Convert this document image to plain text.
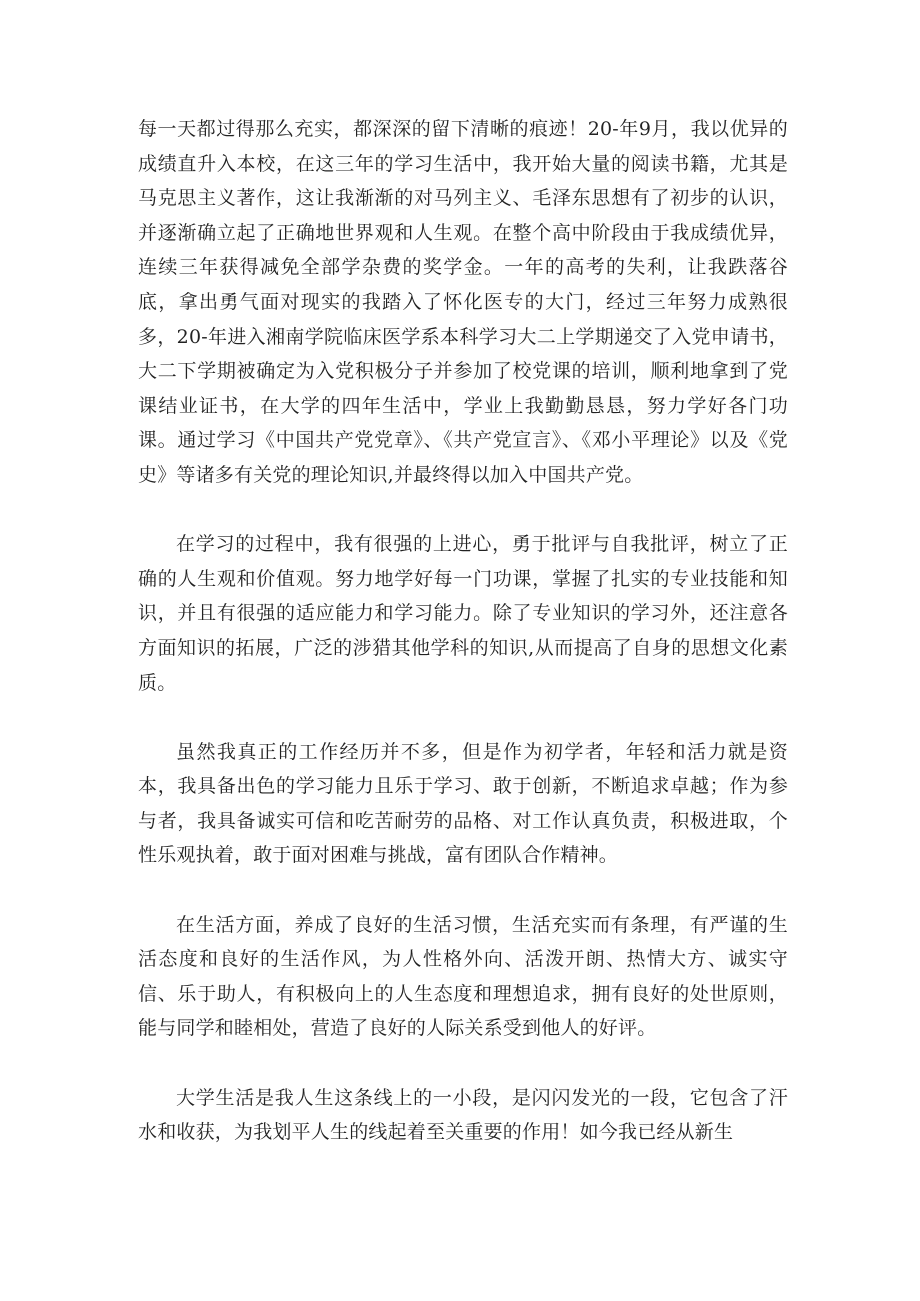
每一天都过得那么充实，都深深的留下清晰的痕迹！20-年9月，我以优异的成绩直升入本校，在这三年的学习生活中，我开始大量的阅读书籍，尤其是马克思主义著作，这让我渐渐的对马列主义、毛泽东思想有了初步的认识，并逐渐确立起了正确地世界观和人生观。在整个高中阶段由于我成绩优异，连续三年获得减免全部学杂费的奖学金。一年的高考的失利，让我跌落谷底，拿出勇气面对现实的我踏入了怀化医专的大门，经过三年努力成熟很多，20-年进入湘南学院临床医学系本科学习大二上学期递交了入党申请书，大二下学期被确定为入党积极分子并参加了校党课的培训，顺利地拿到了党课结业证书，在大学的四年生活中，学业上我勤勤恳恳，努力学好各门功课。通过学习《中国共产党党章》、《共产党宣言》、《邓小平理论》以及《党史》等诸多有关党的理论知识,并最终得以加入中国共产党。

在学习的过程中，我有很强的上进心，勇于批评与自我批评，树立了正确的人生观和价值观。努力地学好每一门功课，掌握了扎实的专业技能和知识，并且有很强的适应能力和学习能力。除了专业知识的学习外，还注意各方面知识的拓展，广泛的涉猎其他学科的知识,从而提高了自身的思想文化素质。

虽然我真正的工作经历并不多，但是作为初学者，年轻和活力就是资本，我具备出色的学习能力且乐于学习、敢于创新，不断追求卓越；作为参与者，我具备诚实可信和吃苦耐劳的品格、对工作认真负责，积极进取，个性乐观执着，敢于面对困难与挑战，富有团队合作精神。

在生活方面，养成了良好的生活习惯，生活充实而有条理，有严谨的生活态度和良好的生活作风，为人性格外向、活泼开朗、热情大方、诚实守信、乐于助人，有积极向上的人生态度和理想追求，拥有良好的处世原则，能与同学和睦相处，营造了良好的人际关系受到他人的好评。

大学生活是我人生这条线上的一小段，是闪闪发光的一段，它包含了汗水和收获，为我划平人生的线起着至关重要的作用！如今我已经从新生
